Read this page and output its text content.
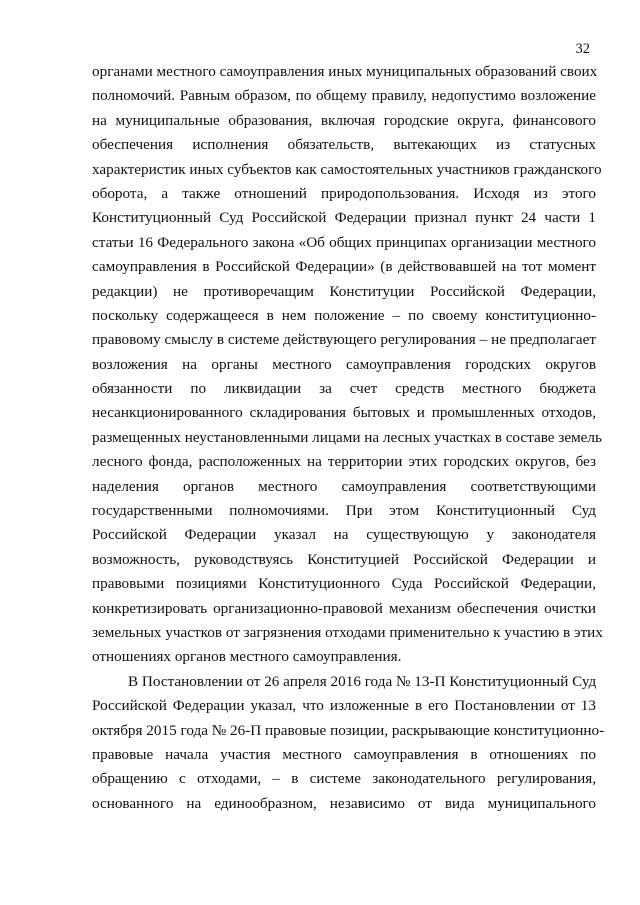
32
органами местного самоуправления иных муниципальных образований своих
полномочий. Равным образом, по общему правилу, недопустимо возложение
на муниципальные образования, включая городские округа, финансового
обеспечения исполнения обязательств, вытекающих из статусных
характеристик иных субъектов как самостоятельных участников гражданского
оборота, а также отношений природопользования. Исходя из этого
Конституционный Суд Российской Федерации признал пункт 24 части 1
статьи 16 Федерального закона «Об общих принципах организации местного
самоуправления в Российской Федерации» (в действовавшей на тот момент
редакции) не противоречащим Конституции Российской Федерации,
поскольку содержащееся в нем положение – по своему конституционно-
правовому смыслу в системе действующего регулирования – не предполагает
возложения на органы местного самоуправления городских округов
обязанности по ликвидации за счет средств местного бюджета
несанкционированного складирования бытовых и промышленных отходов,
размещенных неустановленными лицами на лесных участках в составе земель
лесного фонда, расположенных на территории этих городских округов, без
наделения органов местного самоуправления соответствующими
государственными полномочиями. При этом Конституционный Суд
Российской Федерации указал на существующую у законодателя
возможность, руководствуясь Конституцией Российской Федерации и
правовыми позициями Конституционного Суда Российской Федерации,
конкретизировать организационно-правовой механизм обеспечения очистки
земельных участков от загрязнения отходами применительно к участию в этих
отношениях органов местного самоуправления.
В Постановлении от 26 апреля 2016 года № 13-П Конституционный Суд
Российской Федерации указал, что изложенные в его Постановлении от 13
октября 2015 года № 26-П правовые позиции, раскрывающие конституционно-
правовые начала участия местного самоуправления в отношениях по
обращению с отходами, – в системе законодательного регулирования,
основанного на единообразном, независимо от вида муниципального
